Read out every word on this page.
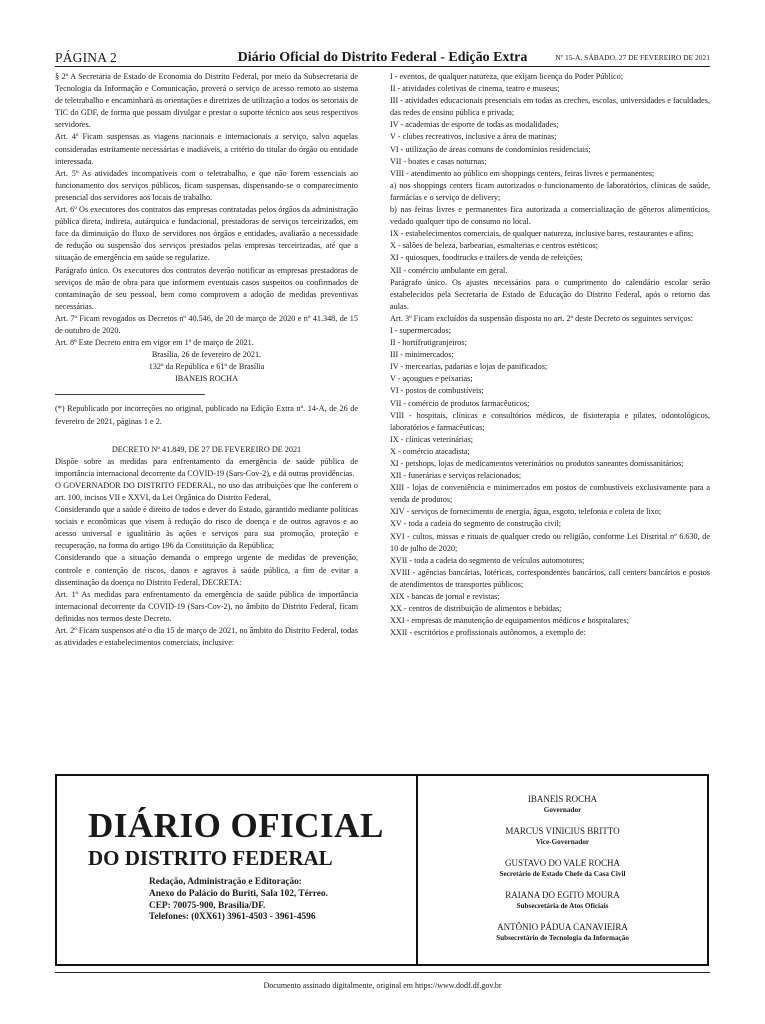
PÁGINA 2	Diário Oficial do Distrito Federal - Edição Extra	Nº 15-A, SÁBADO, 27 DE FEVEREIRO DE 2021

§ 2º A Secretaria de Estado de Economia do Distrito Federal, por meio da Subsecretaria de Tecnologia da Informação e Comunicação, proverá o serviço de acesso remoto ao sistema de teletrabalho e encaminhará as orientações e diretrizes de utilização a todos os setoriais de TIC do GDF, de forma que possam divulgar e prestar o suporte técnico aos seus respectivos servidores.

Art. 4º Ficam suspensas as viagens nacionais e internacionais a serviço, salvo aquelas consideradas estritamente necessárias e inadiáveis, a critério do titular do órgão ou entidade interessada.

Art. 5º As atividades incompatíveis com o teletrabalho, e que não forem essenciais ao funcionamento dos serviços públicos, ficam suspensas, dispensando-se o comparecimento presencial dos servidores aos locais de trabalho.

Art. 6º Os executores dos contratos das empresas contratadas pelos órgãos da administração pública direta, indireta, autárquica e fundacional, prestadoras de serviços terceirizados, em face da diminuição do fluxo de servidores nos órgãos e entidades, avaliarão a necessidade de redução ou suspensão dos serviços prestados pelas empresas terceirizadas, até que a situação de emergência em saúde se regularize.

Parágrafo único. Os executores dos contratos deverão notificar as empresas prestadoras de serviços de mão de obra para que informem eventuais casos suspeitos ou confirmados de contaminação de seu pessoal, bem como comprovem a adoção de medidas preventivas necessárias.

Art. 7º Ficam revogados os Decretos nº 40.546, de 20 de março de 2020 e nº 41.348, de 15 de outubro de 2020.

Art. 8º Este Decreto entra em vigor em 1º de março de 2021.

Brasília, 26 de fevereiro de 2021.

132º da República e 61º de Brasília

IBANEIS ROCHA

(*) Republicado por incorreções no original, publicado na Edição Extra nº. 14-A, de 26 de fevereiro de 2021, páginas 1 e 2.

DECRETO Nº 41.849, DE 27 DE FEVEREIRO DE 2021

Dispõe sobre as medidas para enfrentamento da emergência de saúde pública de importância internacional decorrente da COVID-19 (Sars-Cov-2), e dá outras providências.

O GOVERNADOR DO DISTRITO FEDERAL, no uso das atribuições que lhe conferem o art. 100, incisos VII e XXVI, da Lei Orgânica do Distrito Federal,

Considerando que a saúde é direito de todos e dever do Estado, garantido mediante políticas sociais e econômicas que visem à redução do risco de doença e de outros agravos e ao acesso universal e igualitário às ações e serviços para sua promoção, proteção e recuperação, na forma do artigo 196 da Constituição da República;

Considerando que a situação demanda o emprego urgente de medidas de prevenção, controle e contenção de riscos, danos e agravos à saúde pública, a fim de evitar a disseminação da doença no Distrito Federal, DECRETA:

Art. 1º As medidas para enfrentamento da emergência de saúde pública de importância internacional decorrente da COVID-19 (Sars-Cov-2), no âmbito do Distrito Federal, ficam definidas nos termos deste Decreto.

Art. 2º Ficam suspensos até o dia 15 de março de 2021, no âmbito do Distrito Federal, todas as atividades e estabelecimentos comerciais, inclusive:

I - eventos, de qualquer natureza, que exijam licença do Poder Público;

II - atividades coletivas de cinema, teatro e museus;

III - atividades educacionais presenciais em todas as creches, escolas, universidades e faculdades, das redes de ensino pública e privada;

IV - academias de esporte de todas as modalidades;

V - clubes recreativos, inclusive a área de marinas;

VI - utilização de áreas comuns de condomínios residenciais;

VII - boates e casas noturnas;

VIII - atendimento ao público em shoppings centers, feiras livres e permanentes;

a) nos shoppings centers ficam autorizados o funcionamento de laboratórios, clínicas de saúde, farmácias e o serviço de delivery;

b) nas feiras livres e permanentes fica autorizada a comercialização de gêneros alimentícios, vedado qualquer tipo de consumo no local.

IX - estabelecimentos comerciais, de qualquer natureza, inclusive bares, restaurantes e afins;

X - salões de beleza, barbearias, esmalterias e centros estéticos;

XI - quiosques, foodtrucks e trailers de venda de refeições;

XII - comércio ambulante em geral.

Parágrafo único. Os ajustes necessários para o cumprimento do calendário escolar serão estabelecidos pela Secretaria de Estado de Educação do Distrito Federal, após o retorno das aulas.

Art. 3º Ficam excluídos da suspensão disposta no art. 2º deste Decreto os seguintes serviços:

I - supermercados;

II - hortifrutigranjeiros;

III - minimercados;

IV - mercearias, padarias e lojas de panificados;

V - açougues e peixarias;

VI - postos de combustíveis;

VII - comércio de produtos farmacêuticos;

VIII - hospitais, clínicas e consultórios médicos, de fisioterapia e pilates, odontológicos, laboratórios e farmacêuticas;

IX - clínicas veterinárias;

X - comércio atacadista;

XI - petshops, lojas de medicamentos veterinários ou produtos saneantes domissanitários;

XII - funerárias e serviços relacionados;

XIII - lojas de conveniência e minimercados em postos de combustíveis exclusivamente para a venda de produtos;

XIV - serviços de fornecimento de energia, água, esgoto, telefonia e coleta de lixo;

XV - toda a cadeia do segmento de construção civil;

XVI - cultos, missas e rituais de qualquer credo ou religião, conforme Lei Distrital nº 6.630, de 10 de julho de 2020;

XVII - toda a cadeia do segmento de veículos automotores;

XVIII - agências bancárias, lotéricas, correspondentes bancários, call centers bancários e postos de atendimentos de transportes públicos;

XIX - bancas de jornal e revistas;

XX - centros de distribuição de alimentos e bebidas;

XXI - empresas de manutenção de equipamentos médicos e hospitalares;

XXII - escritórios e profissionais autônomos, a exemplo de:

DIÁRIO OFICIAL
DO DISTRITO FEDERAL
Redação, Administração e Editoração:
Anexo do Palácio do Buriti, Sala 102, Térreo.
CEP: 70075-900, Brasília/DF.
Telefones: (0XX61) 3961-4503 - 3961-4596

IBANEIS ROCHA

Governador

MARCUS VINICIUS BRITTO

Vice-Governador

GUSTAVO DO VALE ROCHA

Secretário de Estado Chefe da Casa Civil

RAIANA DO EGITO MOURA

Subsecretária de Atos Oficiais

ANTÔNIO PÁDUA CANAVIEIRA

Subsecretário de Tecnologia da Informação

Documento assinado digitalmente, original em https://www.dodf.df.gov.br
